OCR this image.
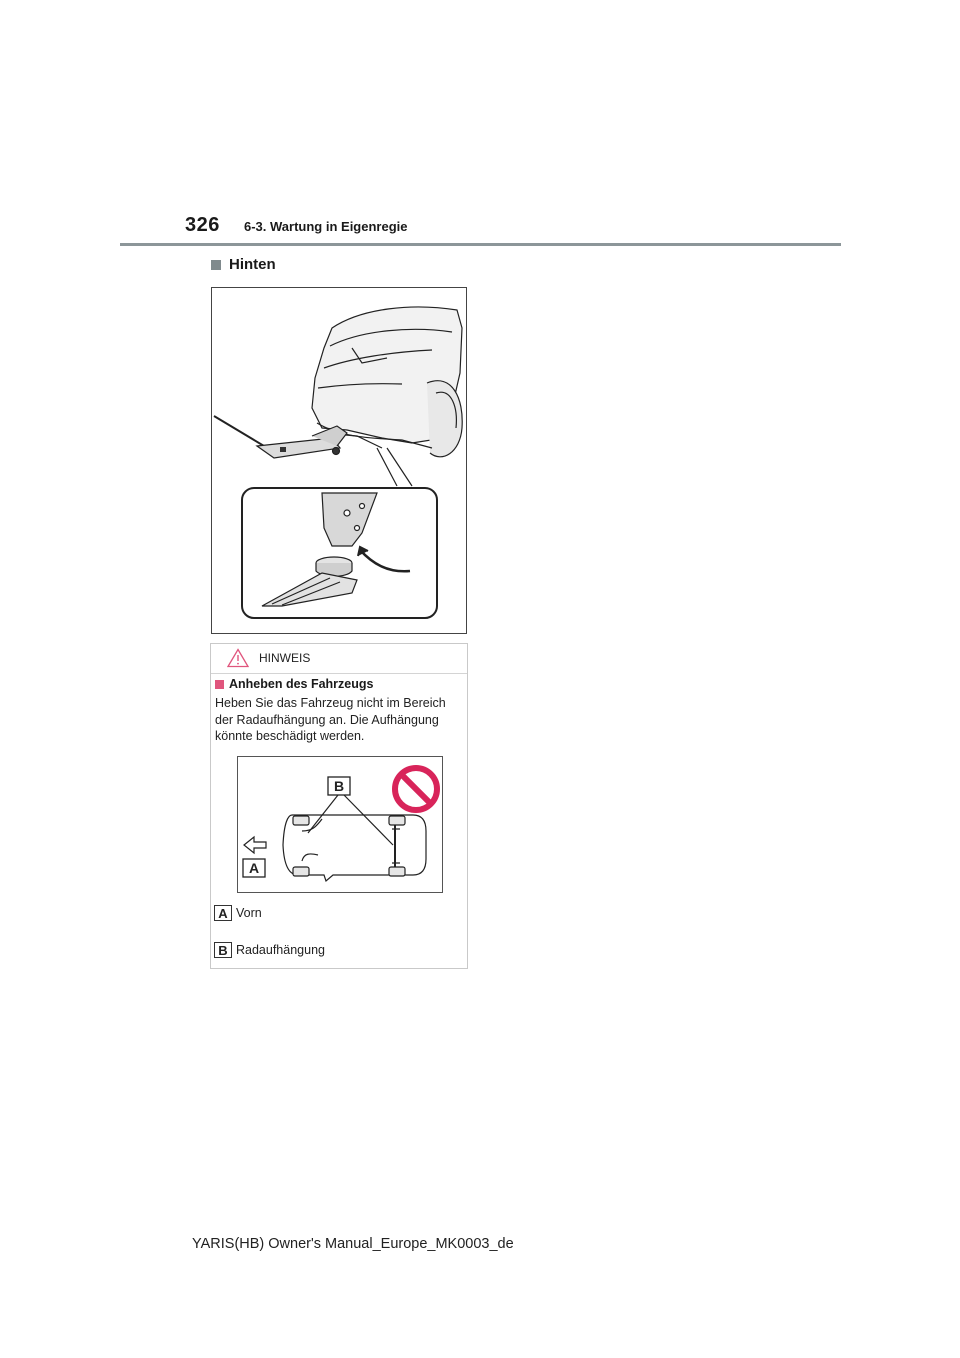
326 6-3. Wartung in Eigenregie
Hinten
HINWEIS
Anheben des Fahrzeugs
Heben Sie das Fahrzeug nicht im Bereich der Radaufhängung an. Die Aufhängung könnte beschädigt werden.
B
A
A Vorn
B Radaufhängung
YARIS(HB) Owner's Manual_Europe_MK0003_de
